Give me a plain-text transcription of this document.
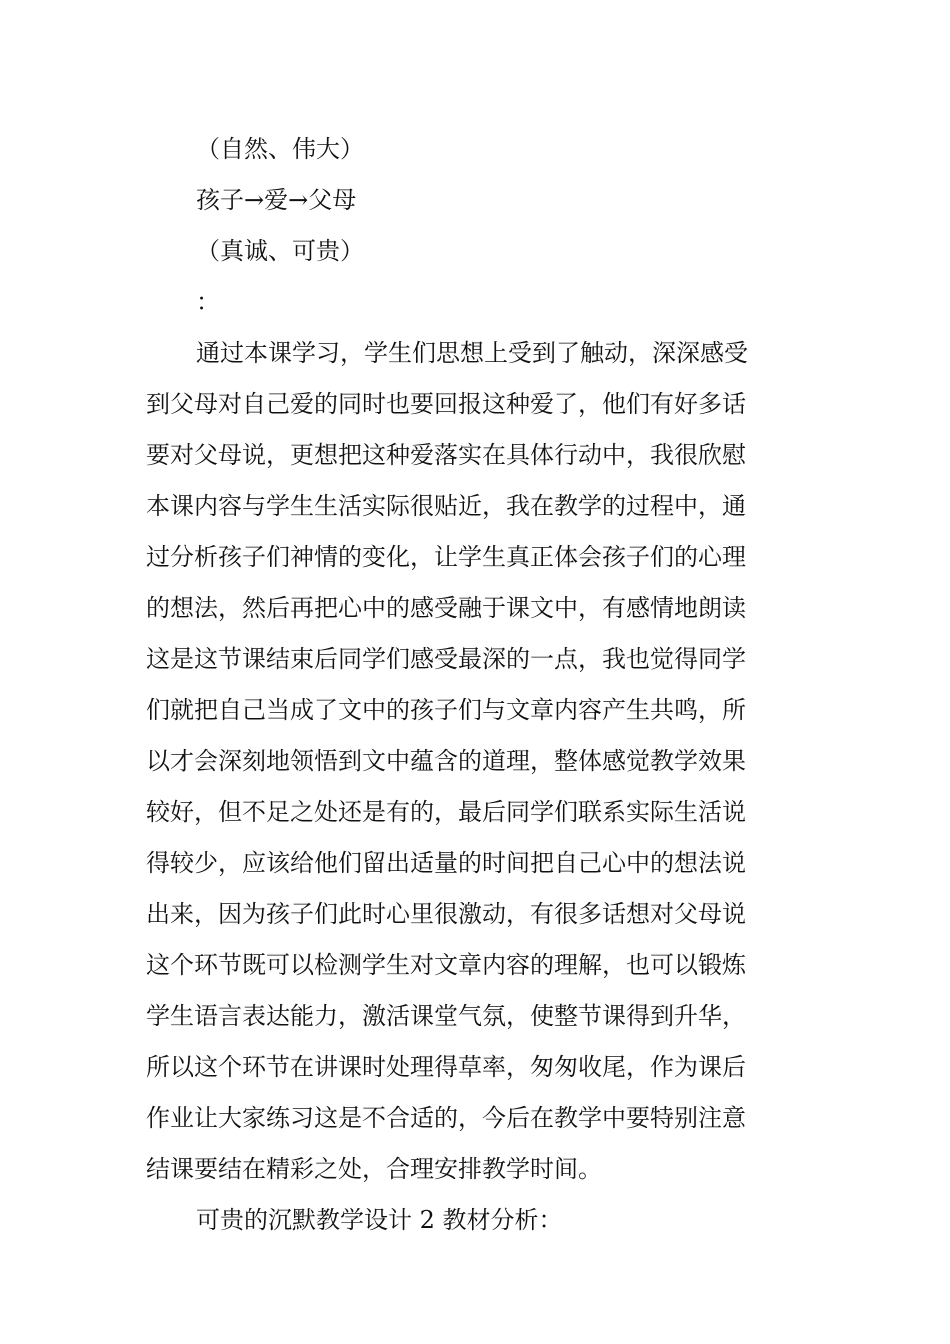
（自然、伟大）

孩子→爱→父母

（真诚、可贵）

：

通过本课学习，学生们思想上受到了触动，深深感受

到父母对自己爱的同时也要回报这种爱了，他们有好多话

要对父母说，更想把这种爱落实在具体行动中，我很欣慰

本课内容与学生生活实际很贴近，我在教学的过程中，通

过分析孩子们神情的变化，让学生真正体会孩子们的心理

的想法，然后再把心中的感受融于课文中，有感情地朗读

这是这节课结束后同学们感受最深的一点，我也觉得同学

们就把自己当成了文中的孩子们与文章内容产生共鸣，所

以才会深刻地领悟到文中蕴含的道理，整体感觉教学效果

较好，但不足之处还是有的，最后同学们联系实际生活说

得较少，应该给他们留出适量的时间把自己心中的想法说

出来，因为孩子们此时心里很激动，有很多话想对父母说

这个环节既可以检测学生对文章内容的理解，也可以锻炼

学生语言表达能力，激活课堂气氛，使整节课得到升华，

所以这个环节在讲课时处理得草率，匆匆收尾，作为课后

作业让大家练习这是不合适的，今后在教学中要特别注意

结课要结在精彩之处，合理安排教学时间。

可贵的沉默教学设计 2 教材分析：
